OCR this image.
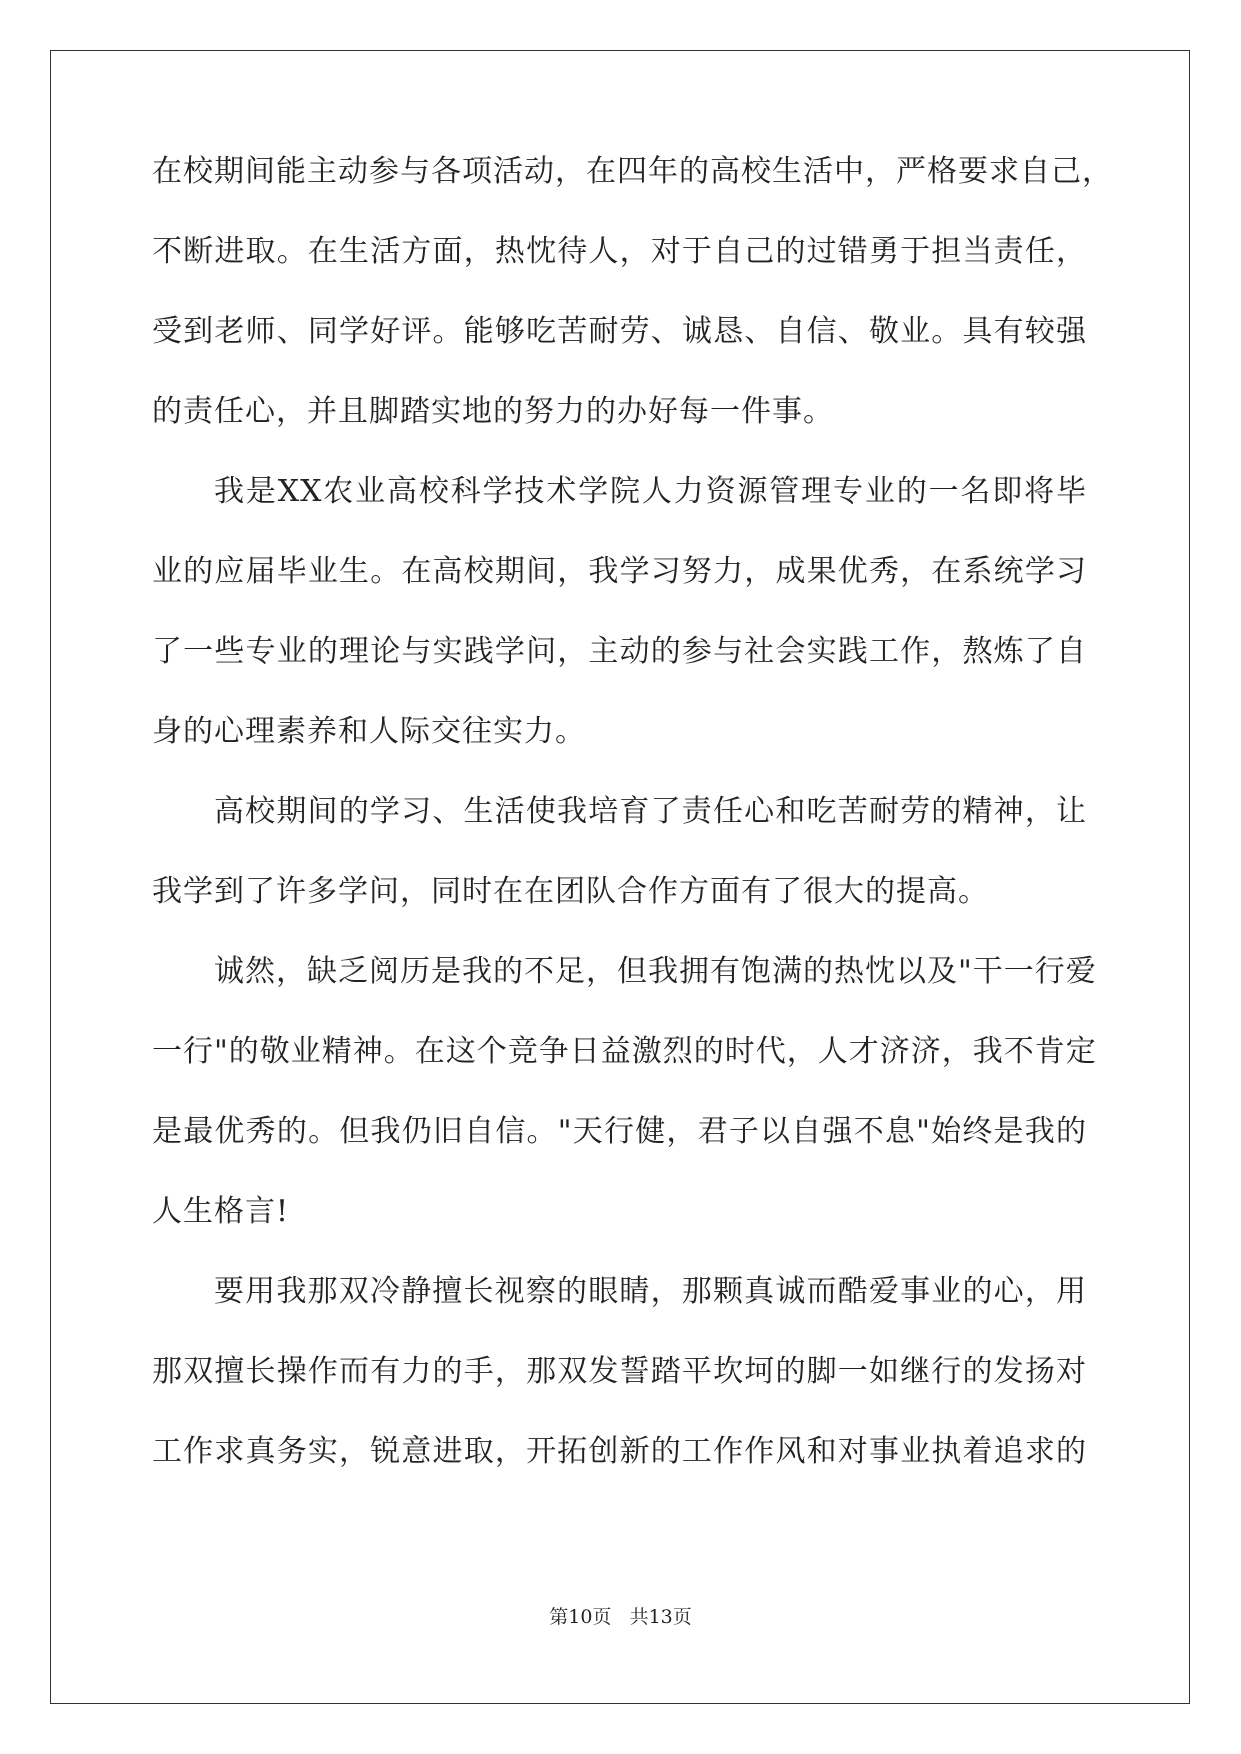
在校期间能主动参与各项活动，在四年的高校生活中，严格要求自己，
不断进取。在生活方面，热忱待人，对于自己的过错勇于担当责任，
受到老师、同学好评。能够吃苦耐劳、诚恳、自信、敬业。具有较强
的责任心，并且脚踏实地的努力的办好每一件事。
我是XX农业高校科学技术学院人力资源管理专业的一名即将毕
业的应届毕业生。在高校期间，我学习努力，成果优秀，在系统学习
了一些专业的理论与实践学问，主动的参与社会实践工作，熬炼了自
身的心理素养和人际交往实力。
高校期间的学习、生活使我培育了责任心和吃苦耐劳的精神，让
我学到了许多学问，同时在在团队合作方面有了很大的提高。
诚然，缺乏阅历是我的不足，但我拥有饱满的热忱以及"干一行爱
一行"的敬业精神。在这个竞争日益激烈的时代，人才济济，我不肯定
是最优秀的。但我仍旧自信。"天行健，君子以自强不息"始终是我的
人生格言!
要用我那双冷静擅长视察的眼睛，那颗真诚而酷爱事业的心，用
那双擅长操作而有力的手，那双发誓踏平坎坷的脚一如继行的发扬对
工作求真务实，锐意进取，开拓创新的工作作风和对事业执着追求的
第10页 共13页
